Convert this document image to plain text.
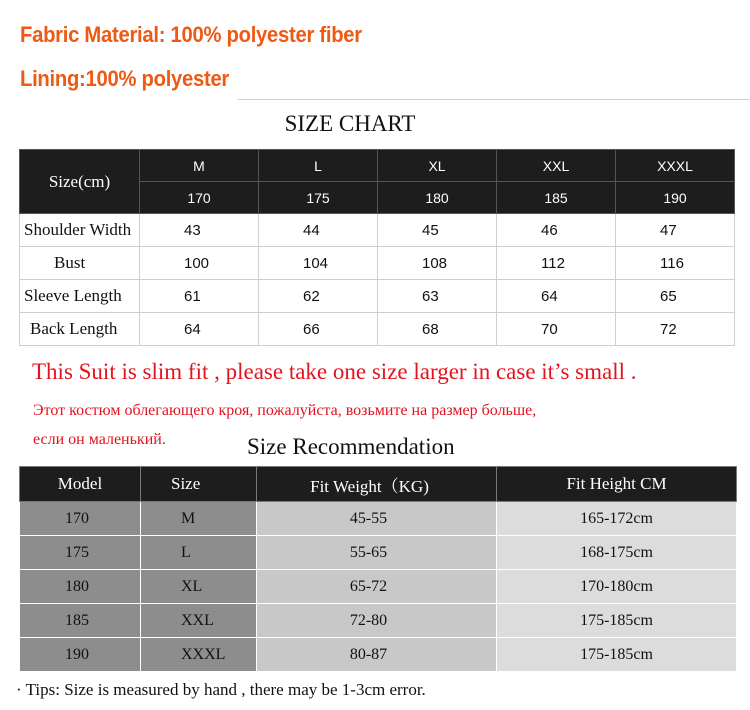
Fabric Material: 100% polyester fiber
Lining:100% polyester
SIZE CHART
Size(cm)	M	L	XL	XXL	XXXL
	170	175	180	185	190
Shoulder Width	43	44	45	46	47
Bust	100	104	108	112	116
Sleeve Length	61	62	63	64	65
Back Length	64	66	68	70	72
This Suit is slim fit , please take one size larger in case it’s small .
Этот костюм облегающего кроя, пожалуйста, возьмите на размер больше,
если он маленький.	Size Recommendation
Model	Size	Fit Weight（KG)	Fit Height CM
170	M	45-55	165-172cm
175	L	55-65	168-175cm
180	XL	65-72	170-180cm
185	XXL	72-80	175-185cm
190	XXXL	80-87	175-185cm
· Tips: Size is measured by hand , there may be 1-3cm error.
